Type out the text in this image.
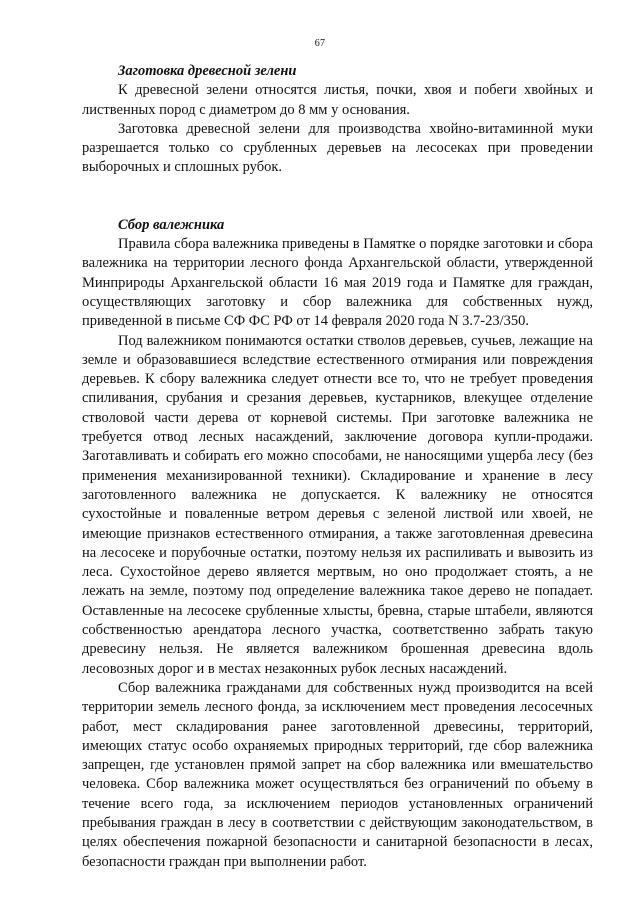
67

Заготовка древесной зелени

К древесной зелени относятся листья, почки, хвоя и побеги хвойных и лиственных пород с диаметром до 8 мм у основания.

Заготовка древесной зелени для производства хвойно-витаминной муки разрешается только со срубленных деревьев на лесосеках при проведении выборочных и сплошных рубок.

Сбор валежника

Правила сбора валежника приведены в Памятке о порядке заготовки и сбора валежника на территории лесного фонда Архангельской области, утвержденной Минприроды Архангельской области 16 мая 2019 года и Памятке для граждан, осуществляющих заготовку и сбор валежника для собственных нужд, приведенной в письме СФ ФС РФ от 14 февраля 2020 года N 3.7-23/350.

Под валежником понимаются остатки стволов деревьев, сучьев, лежащие на земле и образовавшиеся вследствие естественного отмирания или повреждения деревьев. К сбору валежника следует отнести все то, что не требует проведения спиливания, срубания и срезания деревьев, кустарников, влекущее отделение стволовой части дерева от корневой системы. При заготовке валежника не требуется отвод лесных насаждений, заключение договора купли-продажи. Заготавливать и собирать его можно способами, не наносящими ущерба лесу (без применения механизированной техники). Складирование и хранение в лесу заготовленного валежника не допускается. К валежнику не относятся сухостойные и поваленные ветром деревья с зеленой листвой или хвоей, не имеющие признаков естественного отмирания, а также заготовленная древесина на лесосеке и порубочные остатки, поэтому нельзя их распиливать и вывозить из леса. Сухостойное дерево является мертвым, но оно продолжает стоять, а не лежать на земле, поэтому под определение валежника такое дерево не попадает. Оставленные на лесосеке срубленные хлысты, бревна, старые штабели, являются собственностью арендатора лесного участка, соответственно забрать такую древесину нельзя. Не является валежником брошенная древесина вдоль лесовозных дорог и в местах незаконных рубок лесных насаждений.

Сбор валежника гражданами для собственных нужд производится на всей территории земель лесного фонда, за исключением мест проведения лесосечных работ, мест складирования ранее заготовленной древесины, территорий, имеющих статус особо охраняемых природных территорий, где сбор валежника запрещен, где установлен прямой запрет на сбор валежника или вмешательство человека. Сбор валежника может осуществляться без ограничений по объему в течение всего года, за исключением периодов установленных ограничений пребывания граждан в лесу в соответствии с действующим законодательством, в целях обеспечения пожарной безопасности и санитарной безопасности в лесах, безопасности граждан при выполнении работ.
